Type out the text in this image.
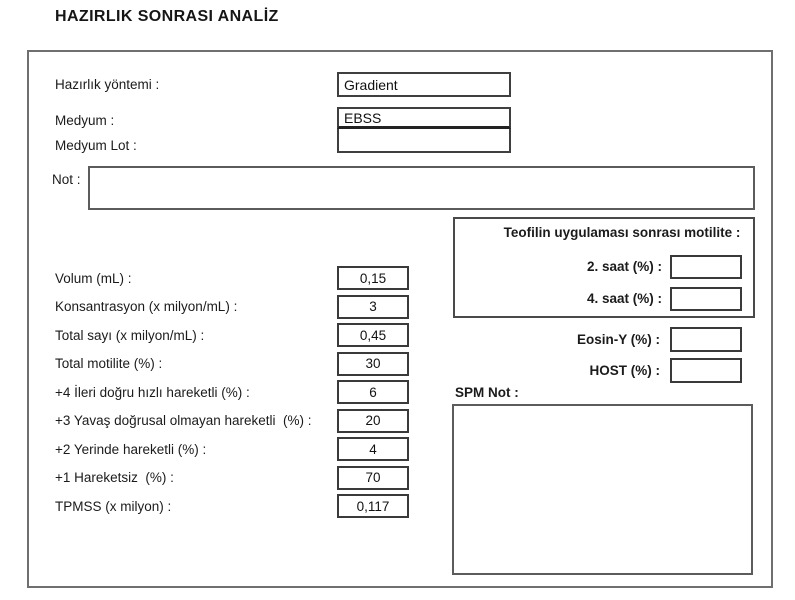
HAZIRLIK SONRASI ANALİZ
Hazırlık yöntemi :
Gradient
Medyum :
EBSS
Medyum Lot :
Not :
Volum (mL) :
0,15
Konsantrasyon (x milyon/mL) :
3
Total sayı (x milyon/mL) :
0,45
Total motilite (%) :
30
+4 İleri doğru hızlı hareketli (%) :
6
+3 Yavaş doğrusal olmayan hareketli  (%) :
20
+2 Yerinde hareketli (%) :
4
+1 Hareketsiz  (%) :
70
TPMSS (x milyon) :
0,117
Teofilin uygulaması sonrası motilite :
2. saat (%) :
4. saat (%) :
Eosin-Y (%) :
HOST (%) :
SPM Not :
